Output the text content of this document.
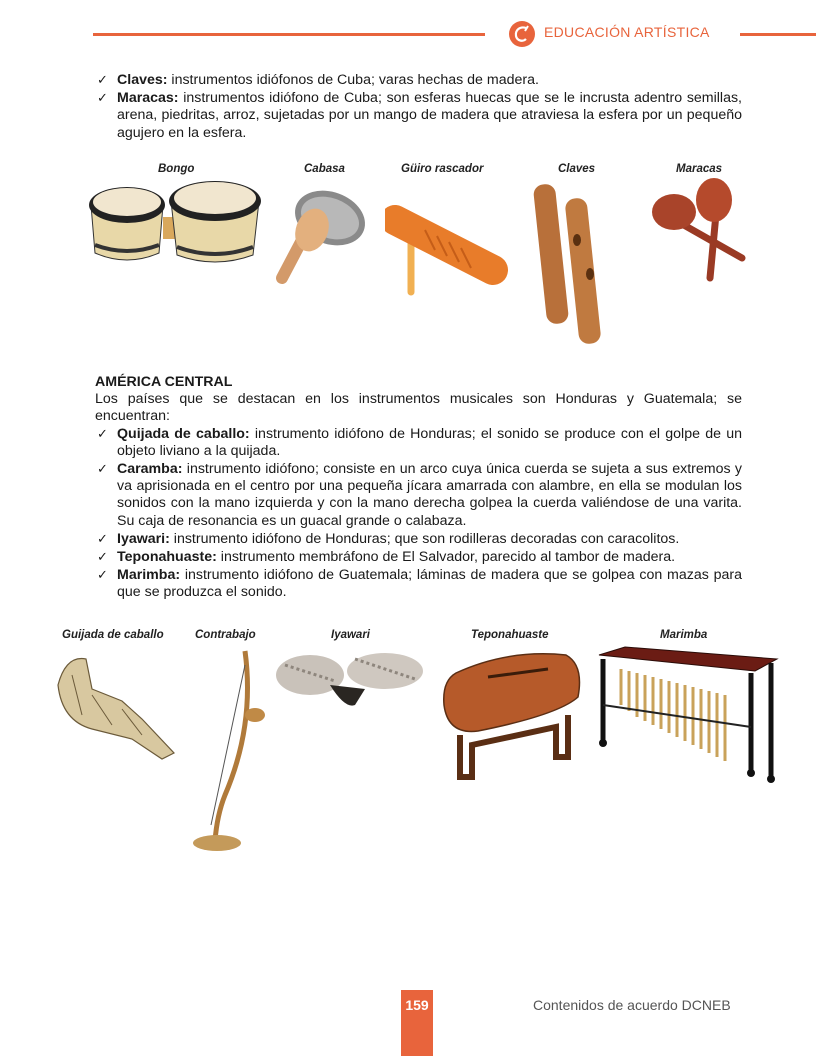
EDUCACIÓN ARTÍSTICA
✓ Claves: instrumentos idiófonos de Cuba; varas hechas de madera.
✓ Maracas: instrumentos idiófono de Cuba; son esferas huecas que se le incrusta adentro semillas, arena, piedritas, arroz, sujetadas por un mango de madera que atraviesa la esfera por un pequeño agujero en la esfera.
Bongo	Cabasa	Güiro rascador	Claves	Maracas
AMÉRICA CENTRAL
Los países que se destacan en los instrumentos musicales son Honduras y Guatemala; se encuentran:
✓ Quijada de caballo: instrumento idiófono de Honduras; el sonido se produce con el golpe de un objeto liviano a la quijada.
✓ Caramba: instrumento idiófono; consiste en un arco cuya única cuerda se sujeta a sus extremos y va aprisionada en el centro por una pequeña jícara amarrada con alambre, en ella se modulan los sonidos con la mano izquierda y con la mano derecha golpea la cuerda valiéndose de una varita. Su caja de resonancia es un guacal grande o calabaza.
✓ Iyawari: instrumento idiófono de Honduras; que son rodilleras decoradas con caracolitos.
✓ Teponahuaste: instrumento membráfono de El Salvador, parecido al tambor de madera.
✓ Marimba: instrumento idiófono de Guatemala; láminas de madera que se golpea con mazas para que se produzca el sonido.
Guijada de caballo	Contrabajo	Iyawari	Teponahuaste	Marimba
159	Contenidos de acuerdo DCNEB
